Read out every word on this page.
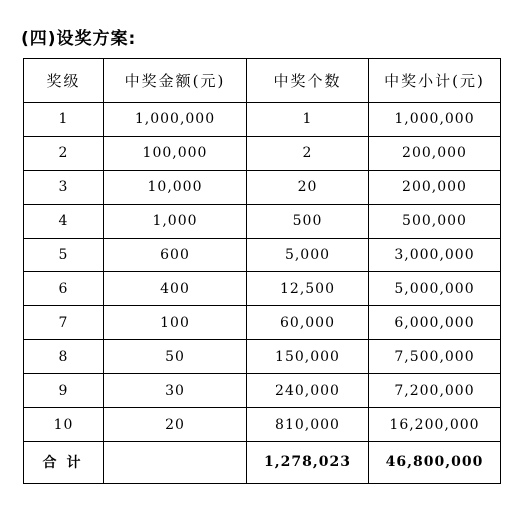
(四)设奖方案:
奖级	中奖金额(元)	中奖个数	中奖小计(元)
1	1,000,000	1	1,000,000
2	100,000	2	200,000
3	10,000	20	200,000
4	1,000	500	500,000
5	600	5,000	3,000,000
6	400	12,500	5,000,000
7	100	60,000	6,000,000
8	50	150,000	7,500,000
9	30	240,000	7,200,000
10	20	810,000	16,200,000
合计		1,278,023	46,800,000
